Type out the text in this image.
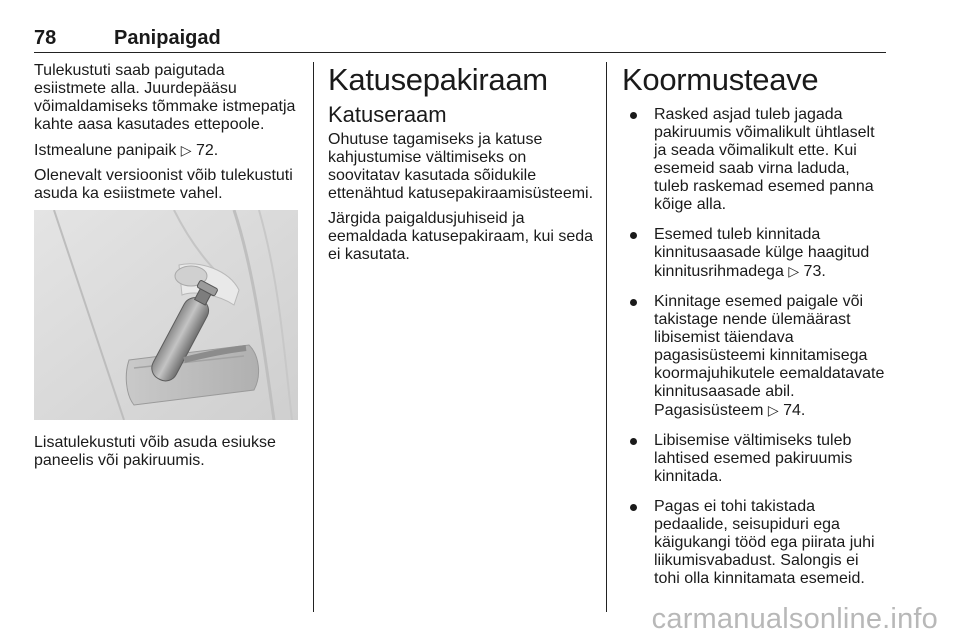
78	Panipaigad

Tulekustuti saab paigutada esiistmete alla. Juurdepääsu võimaldamiseks tõmmake istmepatja kahte aasa kasutades ettepoole.

Istmealune panipaik ▷ 72.

Olenevalt versioonist võib tulekustuti asuda ka esiistmete vahel.

Lisatulekustuti võib asuda esiukse paneelis või pakiruumis.

Katusepakiraam
Katuseraam

Ohutuse tagamiseks ja katuse kahjustumise vältimiseks on soovitatav kasutada sõidukile ettenähtud katusepakiraamisüsteemi.

Järgida paigaldusjuhiseid ja eemaldada katusepakiraam, kui seda ei kasutata.

Koormusteave
Rasked asjad tuleb jagada pakiruumis võimalikult ühtlaselt ja seada võimalikult ette. Kui esemeid saab virna laduda, tuleb raskemad esemed panna kõige alla.
Esemed tuleb kinnitada kinnitusaasade külge haagitud kinnitusrihmadega ▷ 73.
Kinnitage esemed paigale või takistage nende ülemäärast libisemist täiendava pagasisüsteemi kinnitamisega koormajuhikutele eemaldatavate kinnitusaasade abil. Pagasisüsteem ▷ 74.
Libisemise vältimiseks tuleb lahtised esemed pakiruumis kinnitada.
Pagas ei tohi takistada pedaalide, seisupiduri ega käigukangi tööd ega piirata juhi liikumisvabadust. Salongis ei tohi olla kinnitamata esemeid.
carmanualsonline.info
